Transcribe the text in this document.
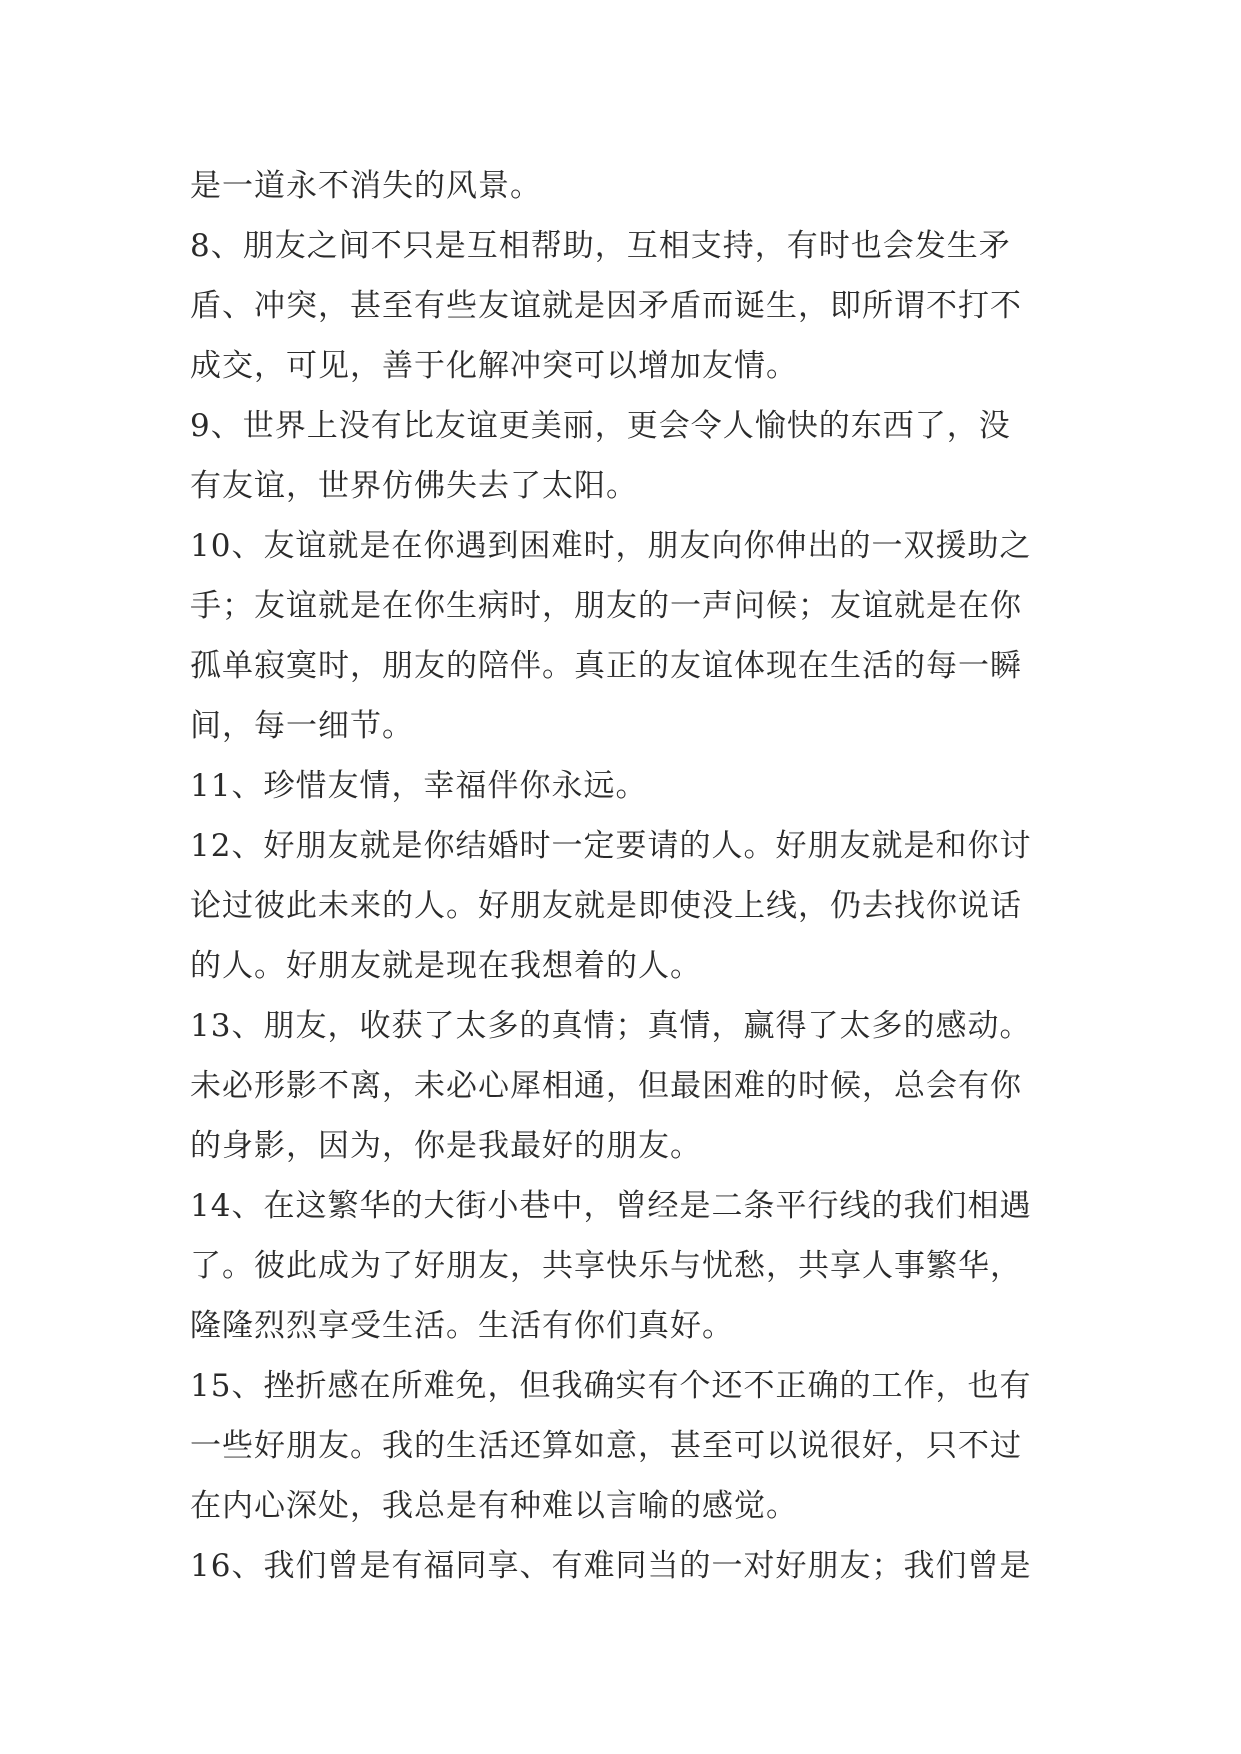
是一道永不消失的风景。
8、朋友之间不只是互相帮助，互相支持，有时也会发生矛
盾、冲突，甚至有些友谊就是因矛盾而诞生，即所谓不打不
成交，可见，善于化解冲突可以增加友情。
9、世界上没有比友谊更美丽，更会令人愉快的东西了，没
有友谊，世界仿佛失去了太阳。
10、友谊就是在你遇到困难时，朋友向你伸出的一双援助之
手；友谊就是在你生病时，朋友的一声问候；友谊就是在你
孤单寂寞时，朋友的陪伴。真正的友谊体现在生活的每一瞬
间，每一细节。
11、珍惜友情，幸福伴你永远。
12、好朋友就是你结婚时一定要请的人。好朋友就是和你讨
论过彼此未来的人。好朋友就是即使没上线，仍去找你说话
的人。好朋友就是现在我想着的人。
13、朋友，收获了太多的真情；真情，赢得了太多的感动。
未必形影不离，未必心犀相通，但最困难的时候，总会有你
的身影，因为，你是我最好的朋友。
14、在这繁华的大街小巷中，曾经是二条平行线的我们相遇
了。彼此成为了好朋友，共享快乐与忧愁，共享人事繁华，
隆隆烈烈享受生活。生活有你们真好。
15、挫折感在所难免，但我确实有个还不正确的工作，也有
一些好朋友。我的生活还算如意，甚至可以说很好，只不过
在内心深处，我总是有种难以言喻的感觉。
16、我们曾是有福同享、有难同当的一对好朋友；我们曾是
